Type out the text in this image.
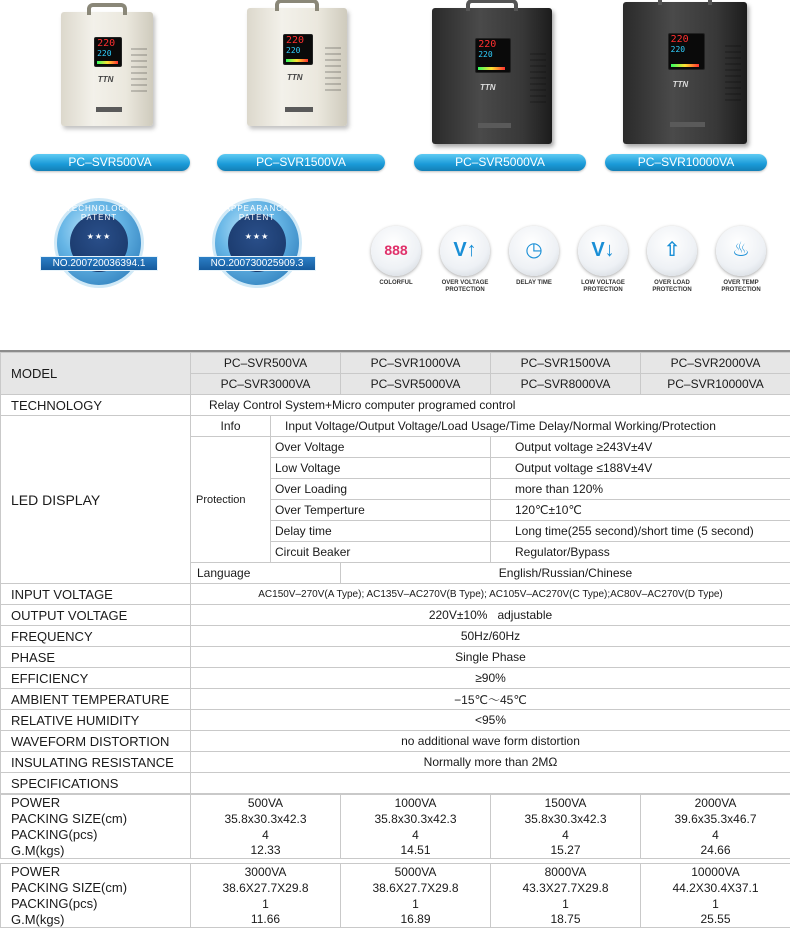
220
220
TTN
PC–SVR500VA
220
220
TTN
PC–SVR1500VA
220
220
TTN
PC–SVR5000VA
220
220
TTN
PC–SVR10000VA
TECHNOLOGY PATENT
★★★
NO.200720036394.1
APPEARANCE PATENT
★★★
NO.200730025909.3
888
COLORFUL
V↑
OVER VOLTAGE PROTECTION
◷
DELAY TIME
V↓
LOW VOLTAGE PROTECTION
⇧
OVER LOAD PROTECTION
♨
OVER TEMP PROTECTION
MODEL	PC–SVR500VA			PC–SVR1000VA	PC–SVR1500VA	PC–SVR2000VA
	PC–SVR3000VA			PC–SVR5000VA	PC–SVR8000VA	PC–SVR10000VA
TECHNOLOGY	Relay Control System+Micro computer programed control					
LED DISPLAY	Info		Input Voltage/Output Voltage/Load Usage/Time Delay/Normal Working/Protection			
	Protection		Over Voltage		Output voltage ≥243V±4V	
			Low Voltage		Output voltage ≤188V±4V	
			Over Loading		more than 120%	
			Over Temperture		120℃±10℃	
			Delay time		Long time(255 second)/short time (5 second)	
			Circuit Beaker		Regulator/Bypass	
	Language			English/Russian/Chinese		
INPUT VOLTAGE	AC150V–270V(A Type); AC135V–AC270V(B Type); AC105V–AC270V(C Type);AC80V–AC270V(D Type)					
OUTPUT VOLTAGE	220V±10%   adjustable					
FREQUENCY	50Hz/60Hz					
PHASE	Single Phase					
EFFICIENCY	≥90%					
AMBIENT TEMPERATURE	−15℃～45℃					
RELATIVE HUMIDITY	<95%					
WAVEFORM DISTORTION	no additional wave form distortion					
INSULATING RESISTANCE	Normally more than 2MΩ					
SPECIFICATIONS						
POWER	500VA	1000VA	1500VA	2000VA
PACKING SIZE(cm)	35.8x30.3x42.3	35.8x30.3x42.3	35.8x30.3x42.3	39.6x35.3x46.7
PACKING(pcs)	4	4	4	4
G.M(kgs)	12.33	14.51	15.27	24.66

POWER	3000VA	5000VA	8000VA	10000VA
PACKING SIZE(cm)	38.6X27.7X29.8	38.6X27.7X29.8	43.3X27.7X29.8	44.2X30.4X37.1
PACKING(pcs)	1	1	1	1
G.M(kgs)	11.66	16.89	18.75	25.55
